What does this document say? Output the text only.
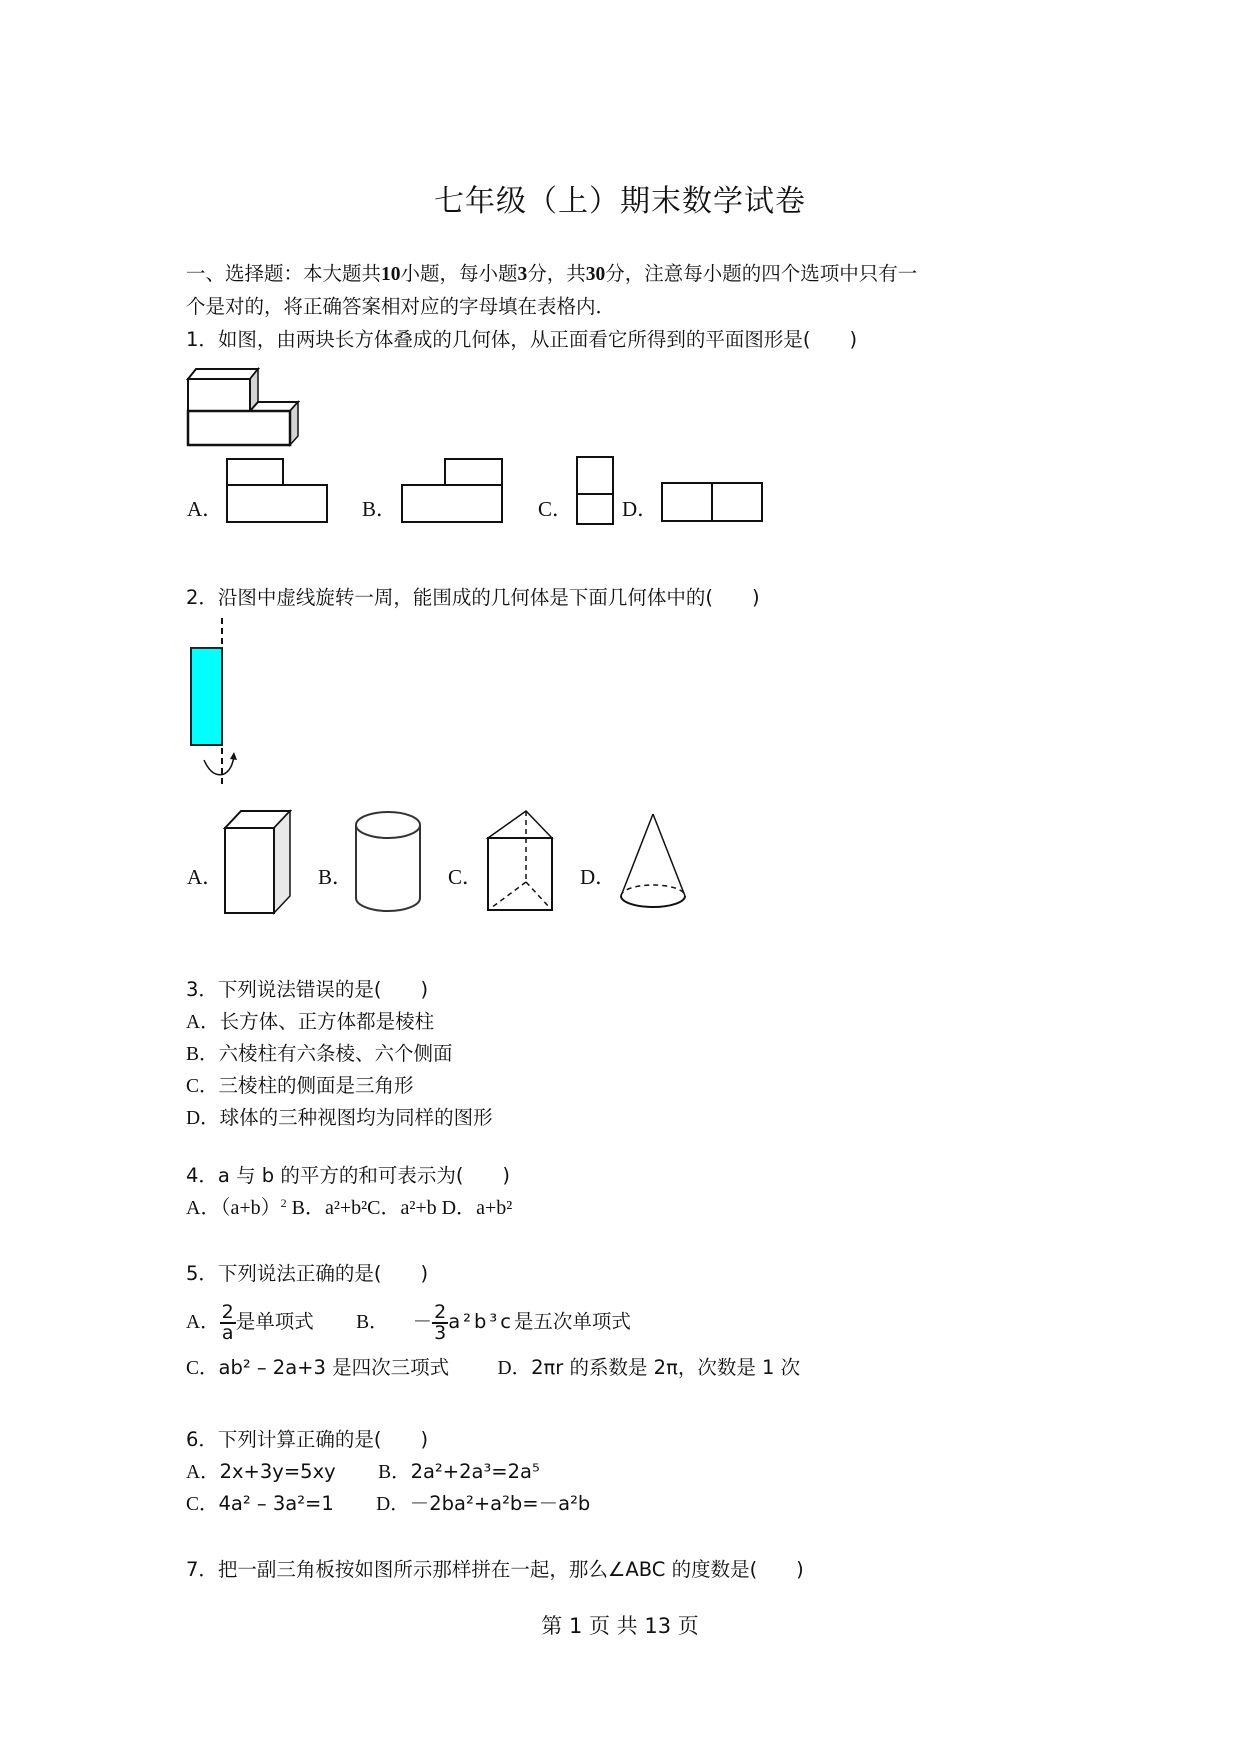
七年级（上）期末数学试卷
一、选择题：本大题共10小题，每小题3分，共30分，注意每小题的四个选项中只有一
个是对的，将正确答案相对应的字母填在表格内．
1．如图，由两块长方体叠成的几何体，从正面看它所得到的平面图形是(　　)
A．	B．	C． D．
2．沿图中虚线旋转一周，能围成的几何体是下面几何体中的(　　)
A．	B．	C．	D．
3．下列说法错误的是(　　)
A．长方体、正方体都是棱柱
B．六棱柱有六条棱、六个侧面
C．三棱柱的侧面是三角形
D．球体的三种视图均为同样的图形
4．a 与 b 的平方的和可表示为(　　)
A．$(a+b)^2$ B．a²+b²C．a²+b D．a+b²
5．下列说法正确的是(　　)
A． $\frac{2}{a}$ 是单项式 B． － $\frac{2}{3} a^2b^3c$是五次单项式
C．ab² – 2a+3 是四次三项式 D．2πr 的系数是 2π，次数是 1 次
6．下列计算正确的是(　　)
A．2x+3y=5xy B．2a²+2a³=2a⁵
C．4a² – 3a²=1 D．－2ba²+a²b=－a²b
7．把一副三角板按如图所示那样拼在一起，那么∠ABC 的度数是(　　)
第 1 页 共 13 页
